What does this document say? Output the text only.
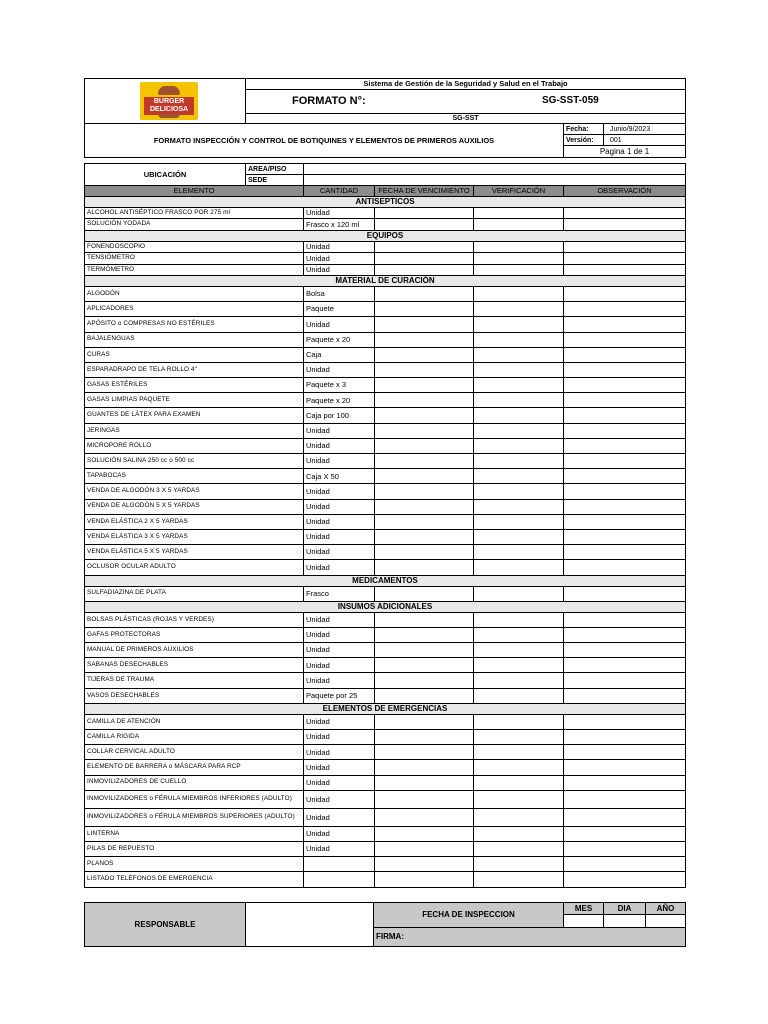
BURGER DELICIOSA	Sistema de Gestión de la Seguridad y Salud en el Trabajo		

	FORMATO N°: SG-SST-059		

	SG-SST		
FORMATO INSPECCIÓN Y CONTROL DE BOTIQUINES Y ELEMENTOS DE PRIMEROS AUXILIOS		Fecha:	Junio/9/2023
		Versión:	001
		Pagina 1 de 1	
UBICACIÓN	AREA/PISO				
	SEDE				
ELEMENTO		CANTIDAD	FECHA DE VENCIMIENTO	VERIFICACIÓN	OBSERVACIÓN
ANTISEPTICOS					
ALCOHOL ANTISÉPTICO FRASCO POR 275 ml		Unidad			
SOLUCIÓN YODADA		Frasco x 120 ml			
EQUIPOS					
FONENDOSCOPIO		Unidad			
TENSIÓMETRO		Unidad			
TERMÓMETRO		Unidad			
MATERIAL DE CURACIÓN					
ALGODÓN		Bolsa			
APLICADORES		Paquete			
APÓSITO o COMPRESAS NO ESTÉRILES		Unidad			
BAJALENGUAS		Paquete x 20			
CURAS		Caja			
ESPARADRAPO DE TELA ROLLO 4"		Unidad			
GASAS ESTÉRILES		Paquete x 3			
GASAS LIMPIAS PAQUETE		Paquete x 20			
GUANTES DE LÁTEX PARA EXAMEN		Caja por 100			
JERINGAS		Unidad			
MICROPORE ROLLO		Unidad			
SOLUCIÓN SALINA 250 cc o 500 cc		Unidad			
TAPABOCAS		Caja X 50			
VENDA DE ALGODÓN 3 X 5 YARDAS		Unidad			
VENDA DE ALGODÓN 5 X 5 YARDAS		Unidad			
VENDA ELÁSTICA 2 X 5 YARDAS		Unidad			
VENDA ELÁSTICA 3 X 5 YARDAS		Unidad			
VENDA ELÁSTICA 5 X 5 YARDAS		Unidad			
OCLUSOR OCULAR ADULTO		Unidad			
MEDICAMENTOS					
SULFADIAZINA DE PLATA		Frasco			
INSUMOS ADICIONALES					
BOLSAS PLÁSTICAS (ROJAS Y VERDES)		Unidad			
GAFAS PROTECTORAS		Unidad			
MANUAL DE PRIMEROS AUXILIOS		Unidad			
SABANAS DESECHABLES		Unidad			
TIJERAS DE TRAUMA		Unidad			
VASOS DESECHABLES		Paquete por 25			
ELEMENTOS DE EMERGENCIAS					
CAMILLA DE ATENCIÓN		Unidad			
CAMILLA RIGIDA		Unidad			
COLLAR CERVICAL ADULTO		Unidad			
ELEMENTO DE BARRERA o MÁSCARA PARA RCP		Unidad			
INMOVILIZADORES DE CUELLO		Unidad			
INMOVILIZADORES o FÉRULA MIEMBROS INFERIORES (ADULTO)		Unidad			
INMOVILIZADORES o FÉRULA MIEMBROS SUPERIORES (ADULTO)		Unidad			
LINTERNA		Unidad			
PILAS DE REPUESTO		Unidad			
PLANOS					
LISTADO TELÉFONOS DE EMERGENCIA					
RESPONSABLE		FECHA DE INSPECCION	MES	DIA	AÑO

		FIRMA:			
